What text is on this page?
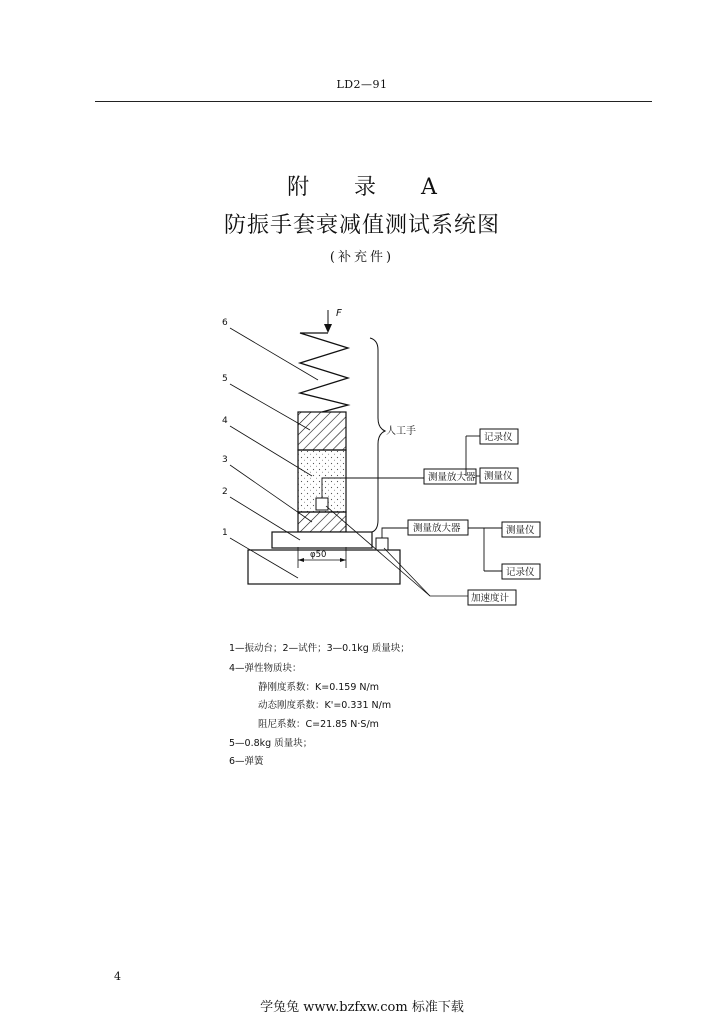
LD2—91
附 录 A
防振手套衰减值测试系统图
(补充件)
F
人工手
φ50
6
5
4
3
2
1
测量放大器 测量仪
记录仪
测量放大器	测量仪
记录仪
加速度计
1—振动台；2—试件；3—0.1kg 质量块；
4—弹性物质块：
静刚度系数：K=0.159 N/m
动态刚度系数：K'=0.331 N/m
阻尼系数：C=21.85 N·S/m
5—0.8kg 质量块；
6—弹簧
4
学兔兔 www.bzfxw.com 标准下载
